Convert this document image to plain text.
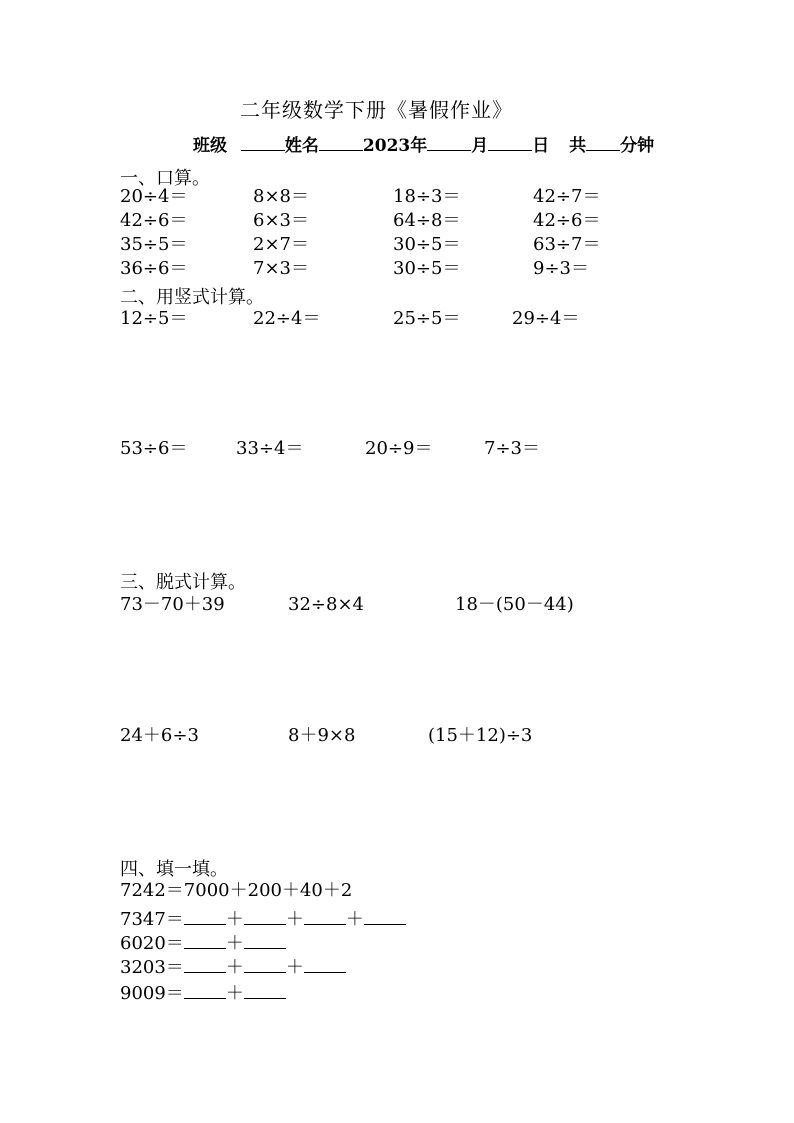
二年级数学下册《暑假作业》
班级	姓名	2023年	月	日 共 分钟
一、口算。
20÷4＝	8×8＝	18÷3＝	42÷7＝
42÷6＝	6×3＝	64÷8＝	42÷6＝
35÷5＝	2×7＝	30÷5＝	63÷7＝
36÷6＝	7×3＝	30÷5＝	9÷3＝
二、用竖式计算。
12÷5＝	22÷4＝	25÷5＝	29÷4＝
53÷6＝	33÷4＝	20÷9＝	7÷3＝
三、脱式计算。
73－70＋39	32÷8×4	18－(50－44)
24＋6÷3	8＋9×8	(15＋12)÷3
四、填一填。
7242＝7000＋200＋40＋2
7347＝ ＋ ＋ ＋
6020＝ ＋
3203＝ ＋ ＋
9009＝ ＋
